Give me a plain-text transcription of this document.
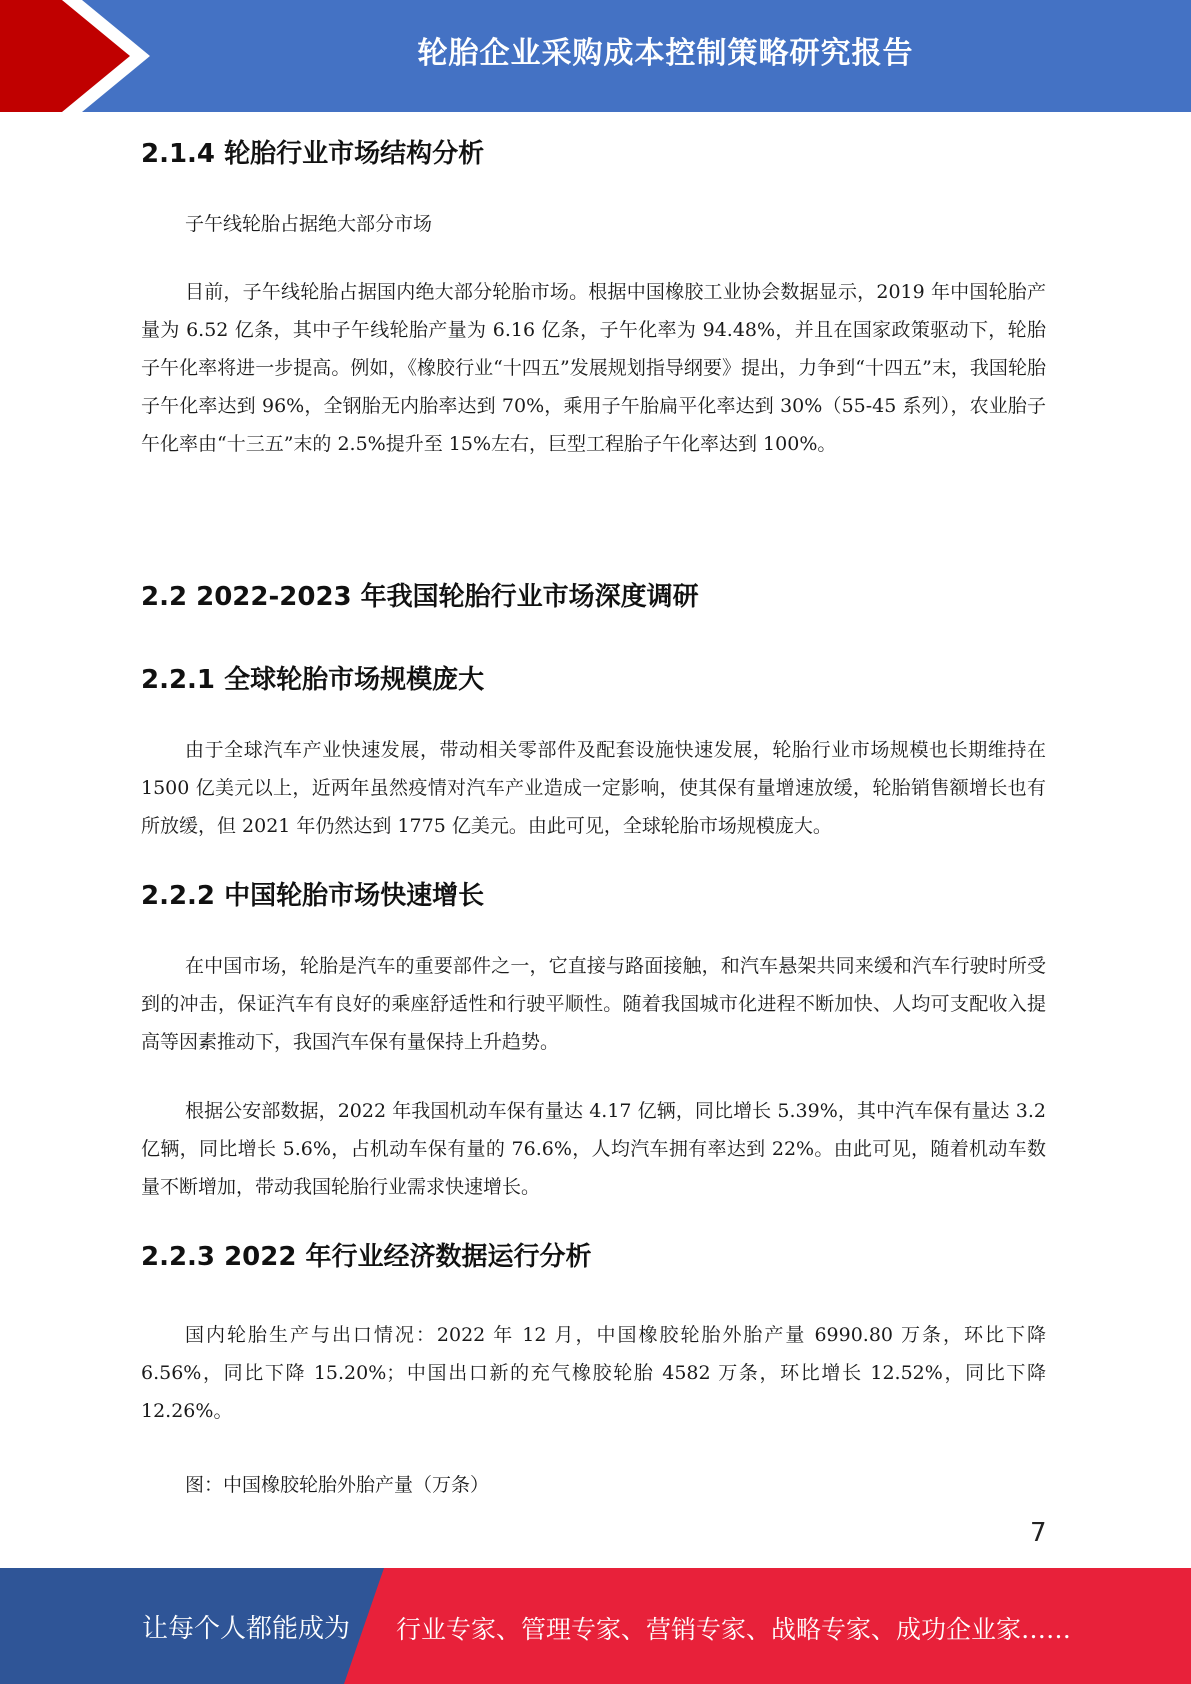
轮胎企业采购成本控制策略研究报告
2.1.4 轮胎行业市场结构分析

子午线轮胎占据绝大部分市场

目前，子午线轮胎占据国内绝大部分轮胎市场。根据中国橡胶工业协会数据显示，2019 年中国轮胎产量为 6.52 亿条，其中子午线轮胎产量为 6.16 亿条，子午化率为 94.48%，并且在国家政策驱动下，轮胎子午化率将进一步提高。例如，《橡胶行业“十四五”发展规划指导纲要》提出，力争到“十四五”末，我国轮胎子午化率达到 96%，全钢胎无内胎率达到 70%，乘用子午胎扁平化率达到 30%（55-45 系列），农业胎子午化率由“十三五”末的 2.5%提升至 15%左右，巨型工程胎子午化率达到 100%。

2.2 2022-2023 年我国轮胎行业市场深度调研
2.2.1 全球轮胎市场规模庞大

由于全球汽车产业快速发展，带动相关零部件及配套设施快速发展，轮胎行业市场规模也长期维持在 1500 亿美元以上，近两年虽然疫情对汽车产业造成一定影响，使其保有量增速放缓，轮胎销售额增长也有所放缓，但 2021 年仍然达到 1775 亿美元。由此可见，全球轮胎市场规模庞大。

2.2.2 中国轮胎市场快速增长

在中国市场，轮胎是汽车的重要部件之一，它直接与路面接触，和汽车悬架共同来缓和汽车行驶时所受到的冲击，保证汽车有良好的乘座舒适性和行驶平顺性。随着我国城市化进程不断加快、人均可支配收入提高等因素推动下，我国汽车保有量保持上升趋势。

根据公安部数据，2022 年我国机动车保有量达 4.17 亿辆，同比增长 5.39%，其中汽车保有量达 3.2 亿辆，同比增长 5.6%，占机动车保有量的 76.6%，人均汽车拥有率达到 22%。由此可见，随着机动车数量不断增加，带动我国轮胎行业需求快速增长。

2.2.3 2022 年行业经济数据运行分析

国内轮胎生产与出口情况：2022 年 12 月，中国橡胶轮胎外胎产量 6990.80 万条，环比下降 6.56%，同比下降 15.20%；中国出口新的充气橡胶轮胎 4582 万条，环比增长 12.52%，同比下降 12.26%。

图：中国橡胶轮胎外胎产量（万条）

7
让每个人都能成为 行业专家、管理专家、营销专家、战略专家、成功企业家……
